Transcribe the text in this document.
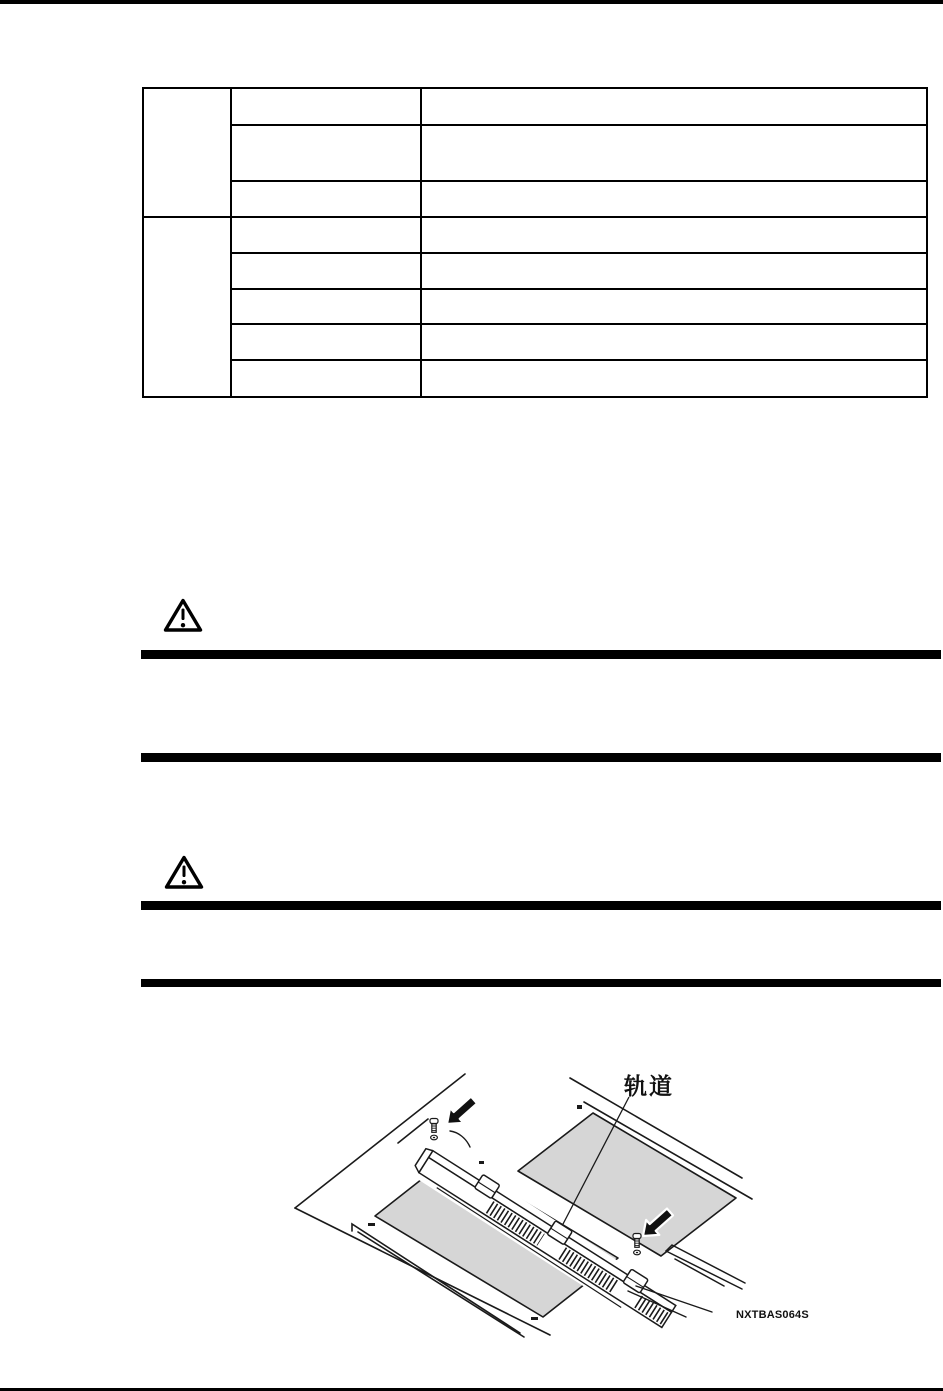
轨道
NXTBAS064S
